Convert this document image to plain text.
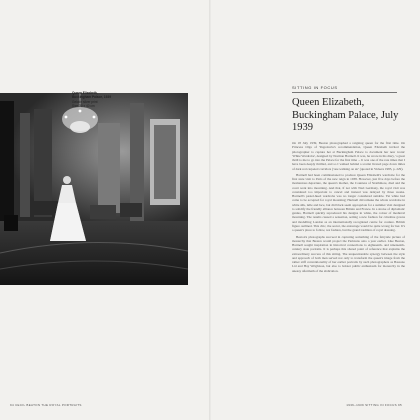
94 CECIL BEATON THE ROYAL PORTRAITS
Queen Elizabeth,
Buckingham Palace, 1939
Gelatin silver print
Size 30 x 40 cm
SITTING IN FOCUS
Queen Elizabeth, Buckingham Palace, July 1939

On 18 July 1939, Beaton photographed a reigning queen for the first time. On Princess Olga of Yugoslavia's recommendation, Queen Elizabeth invited the photographer to capture her at Buckingham Palace to document her new iconic 'White Wardrobe', designed by Norman Hartnell. It was, he wrote in his diary, 'a great thrill to me to go into the Palace for the first time ... It was one of the rare times that I have been deeply thrilled, and so I walked behind a scarlet livered page down miles of dark red carpeted corridors ('one walking on air' (quoted in Vickers 1985, p. 229).

Hartnell had been commissioned to produce Queen Elizabeth's wardrobe for the first state visit to Paris of the new reign in 1938. However, just five days before the momentous departure, the queen's mother, the Countess of Strathmore, died and the court went into mourning. And that, if not with Nazi Germany, the royal visit was considered too important to cancel and instead was delayed by three weeks. Hartnell's pastel-hued wardrobe was no longer considered suitable. Yet white had come to be accepted for royal mourning; Hartnell did remake the whole wardrobe in white silk, tulle and lace, but did black seem appropriate for a summer visit designed to solidify the friendly alliance between Britain and France. In a stroke of diplomatic genius, Hartnell quickly reproduced his designs in white, the colour of medieval mourning. The results caused a sensation, setting a new fashion for crinoline gowns and modelling London as an internationally recognized centre for couture. British figure outlined. This chic, the secret, the entourage would be quite wrong for her. It's a queen's place to follow, not fashion, but the grand tradition of royal dressing.

Beaton's photographs succeed in capturing something of the fairytale picture of monarchy that Beaton would project the Parisians onto a year earlier. Like Beaton, Hartnell sought inspiration in historical connections to eighteenth- and nineteenth-century state portraits. It is perhaps this shared point of reference that explains the extraordinary success of this sitting. The unquestionable synergy between the style and approach of both men served not only to transform the queen's image from the rather stiff conventionality of her earlier portraits by such photographers as Bassano Ltd and Hay Wrightson, but also to bolster public enthusiasm for monarchy in the uneasy aftermath of the abdication.

1936–1939 SITTING IN FOCUS 95
